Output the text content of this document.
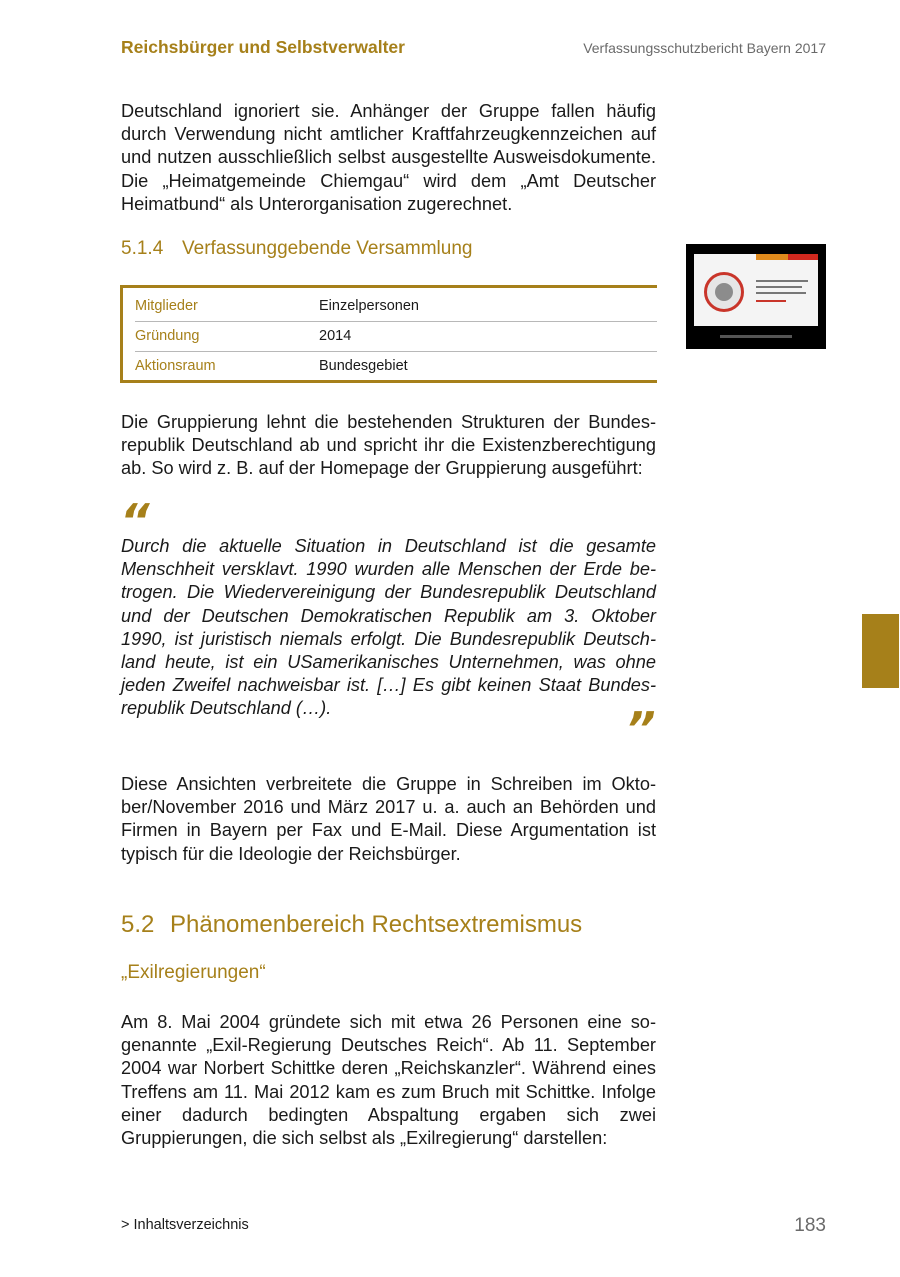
Reichsbürger und Selbstverwalter	Verfassungsschutzbericht Bayern 2017

Deutschland ignoriert sie. Anhänger der Gruppe fallen häufig durch Verwendung nicht amtlicher Kraftfahrzeugkennzeichen auf und nutzen ausschließlich selbst ausgestellte Ausweisdokumente. Die „Heimatgemeinde Chiemgau“ wird dem „Amt Deutscher Heimatbund“ als Unterorganisation zugerechnet.

5.1.4 Verfassunggebende Versammlung
Mitglieder	Einzelpersonen
Gründung	2014
Aktionsraum	Bundesgebiet

Die Gruppierung lehnt die bestehenden Strukturen der Bundesrepublik Deutschland ab und spricht ihr die Existenzberechtigung ab. So wird z. B. auf der Homepage der Gruppierung ausgeführt:

“
Durch die aktuelle Situation in Deutschland ist die gesamte Menschheit versklavt. 1990 wurden alle Menschen der Erde betrogen. Die Wiedervereinigung der Bundesrepublik Deutschland und der Deutschen Demokratischen Republik am 3. Oktober 1990, ist juristisch niemals erfolgt. Die Bundesrepublik Deutschland heute, ist ein USamerikanisches Unternehmen, was ohne jeden Zweifel nachweisbar ist. […] Es gibt keinen Staat Bundesrepublik Deutschland (…).	”

Diese Ansichten verbreitete die Gruppe in Schreiben im Oktober/November 2016 und März 2017 u. a. auch an Behörden und Firmen in Bayern per Fax und E-Mail. Diese Argumentation ist typisch für die Ideologie der Reichsbürger.

5.2 Phänomenbereich Rechtsextremismus
„Exilregierungen“

Am 8. Mai 2004 gründete sich mit etwa 26 Personen eine sogenannte „Exil-Regierung Deutsches Reich“. Ab 11. September 2004 war Norbert Schittke deren „Reichskanzler“. Während eines Treffens am 11. Mai 2012 kam es zum Bruch mit Schittke. Infolge einer dadurch bedingten Abspaltung ergaben sich zwei Gruppierungen, die sich selbst als „Exilregierung“ darstellen:

> Inhaltsverzeichnis	183
